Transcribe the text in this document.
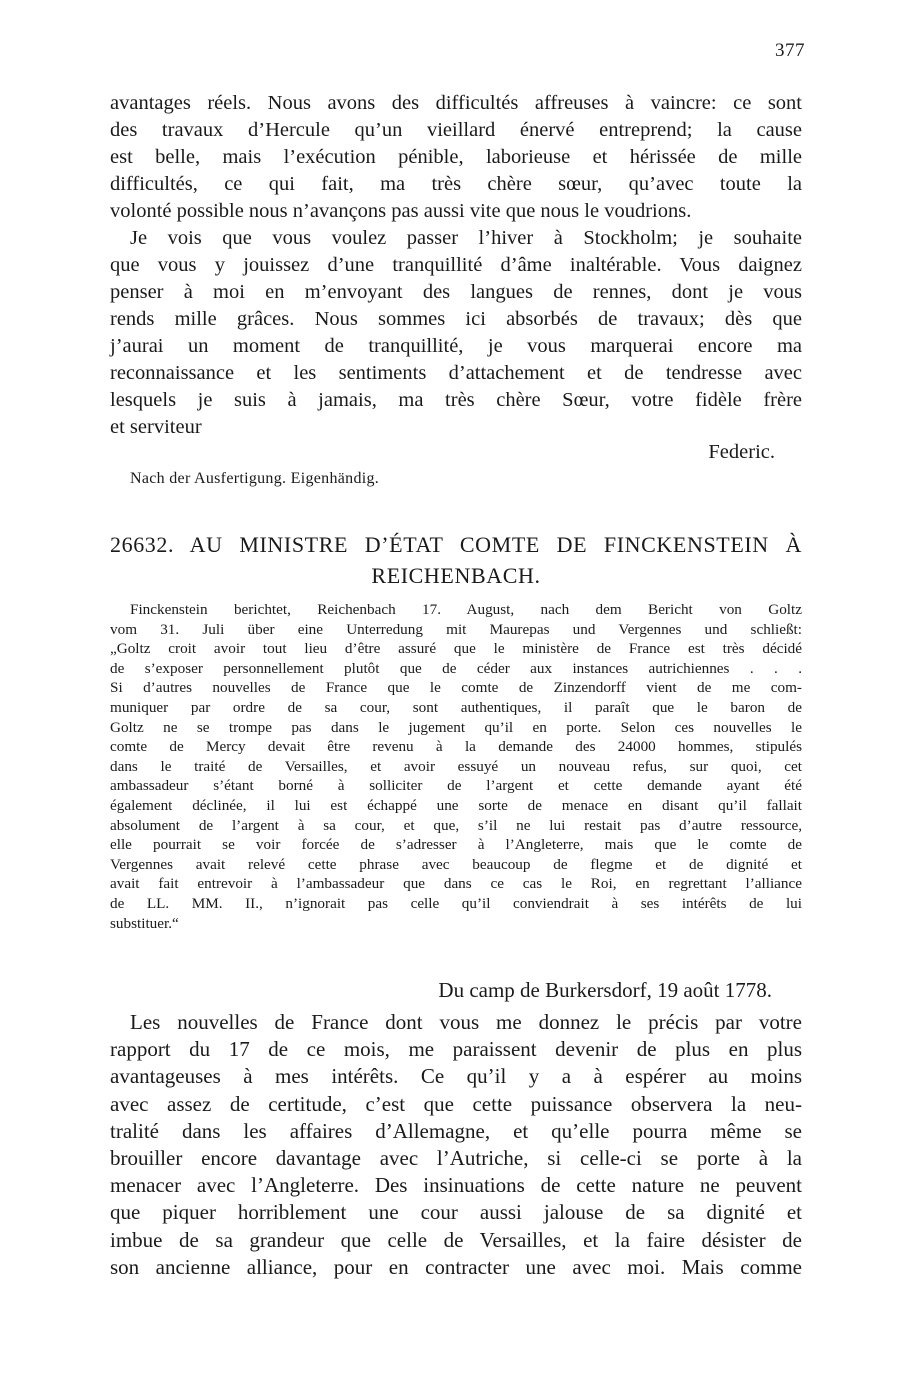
377

avantages réels. Nous avons des difficultés affreuses à vaincre: ce sont
des travaux d’Hercule qu’un vieillard énervé entreprend; la cause
est belle, mais l’exécution pénible, laborieuse et hérissée de mille
difficultés, ce qui fait, ma très chère sœur, qu’avec toute la
volonté possible nous n’avançons pas aussi vite que nous le voudrions.

Je vois que vous voulez passer l’hiver à Stockholm; je souhaite
que vous y jouissez d’une tranquillité d’âme inaltérable. Vous daignez
penser à moi en m’envoyant des langues de rennes, dont je vous
rends mille grâces. Nous sommes ici absorbés de travaux; dès que
j’aurai un moment de tranquillité, je vous marquerai encore ma
reconnaissance et les sentiments d’attachement et de tendresse avec
lesquels je suis à jamais, ma très chère Sœur, votre fidèle frère
et serviteur

Federic.
Nach der Ausfertigung. Eigenhändig.
26632. AU MINISTRE D’ÉTAT COMTE DE FINCKENSTEIN À
REICHENBACH.

Finckenstein berichtet, Reichenbach 17. August, nach dem Bericht von Goltz
vom 31. Juli über eine Unterredung mit Maurepas und Vergennes und schließt:
„Goltz croit avoir tout lieu d’être assuré que le ministère de France est très décidé
de s’exposer personnellement plutôt que de céder aux instances autrichiennes . . .
Si d’autres nouvelles de France que le comte de Zinzendorff vient de me com-
muniquer par ordre de sa cour, sont authentiques, il paraît que le baron de
Goltz ne se trompe pas dans le jugement qu’il en porte. Selon ces nouvelles le
comte de Mercy devait être revenu à la demande des 24000 hommes, stipulés
dans le traité de Versailles, et avoir essuyé un nouveau refus, sur quoi, cet
ambassadeur s’étant borné à solliciter de l’argent et cette demande ayant été
également déclinée, il lui est échappé une sorte de menace en disant qu’il fallait
absolument de l’argent à sa cour, et que, s’il ne lui restait pas d’autre ressource,
elle pourrait se voir forcée de s’adresser à l’Angleterre, mais que le comte de
Vergennes avait relevé cette phrase avec beaucoup de flegme et de dignité et
avait fait entrevoir à l’ambassadeur que dans ce cas le Roi, en regrettant l’alliance
de LL. MM. II., n’ignorait pas celle qu’il conviendrait à ses intérêts de lui
substituer.“

Du camp de Burkersdorf, 19 août 1778.

Les nouvelles de France dont vous me donnez le précis par votre
rapport du 17 de ce mois, me paraissent devenir de plus en plus
avantageuses à mes intérêts. Ce qu’il y a à espérer au moins
avec assez de certitude, c’est que cette puissance observera la neu-
tralité dans les affaires d’Allemagne, et qu’elle pourra même se
brouiller encore davantage avec l’Autriche, si celle-ci se porte à la
menacer avec l’Angleterre. Des insinuations de cette nature ne peuvent
que piquer horriblement une cour aussi jalouse de sa dignité et
imbue de sa grandeur que celle de Versailles, et la faire désister de
son ancienne alliance, pour en contracter une avec moi. Mais comme
